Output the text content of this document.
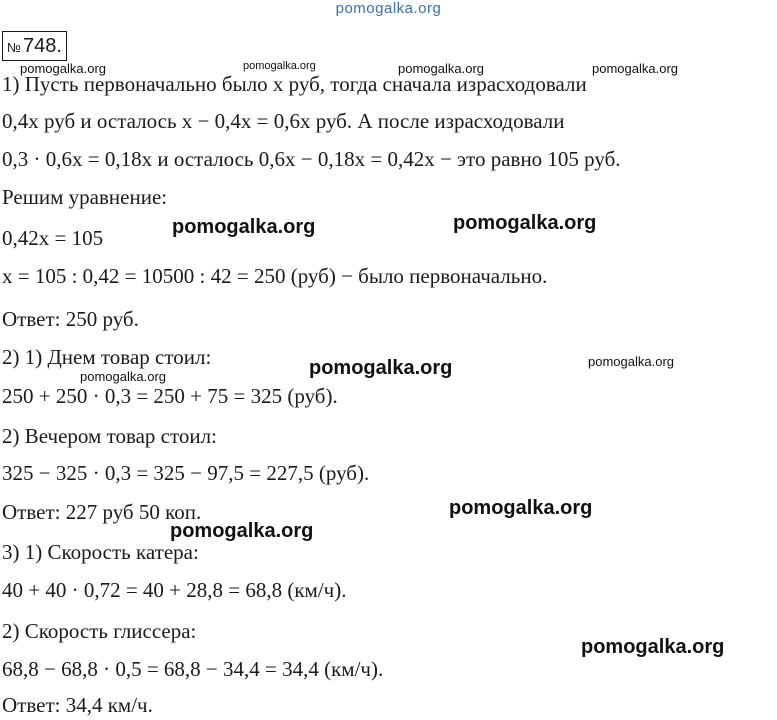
pomogalka.org
№ 748.
1) Пусть первоначально было x руб, тогда сначала израсходовали
0,4x руб и осталось x − 0,4x = 0,6x руб. А после израсходовали
0,3 · 0,6x = 0,18x и осталось 0,6x − 0,18x = 0,42x − это равно 105 руб.
Решим уравнение:
0,42x = 105
x = 105 : 0,42 = 10500 : 42 = 250 (руб) − было первоначально.
Ответ: 250 руб.
2) 1) Днем товар стоил:
250 + 250 · 0,3 = 250 + 75 = 325 (руб).
2) Вечером товар стоил:
325 − 325 · 0,3 = 325 − 97,5 = 227,5 (руб).
Ответ: 227 руб 50 коп.
3) 1) Скорость катера:
40 + 40 · 0,72 = 40 + 28,8 = 68,8 (км/ч).
2) Скорость глиссера:
68,8 − 68,8 · 0,5 = 68,8 − 34,4 = 34,4 (км/ч).
Ответ: 34,4 км/ч.
pomogalka.org	pomogalka.org	pomogalka.org	pomogalka.org
pomogalka.org	pomogalka.org
pomogalka.org	pomogalka.org
pomogalka.org
pomogalka.org
pomogalka.org
pomogalka.org
